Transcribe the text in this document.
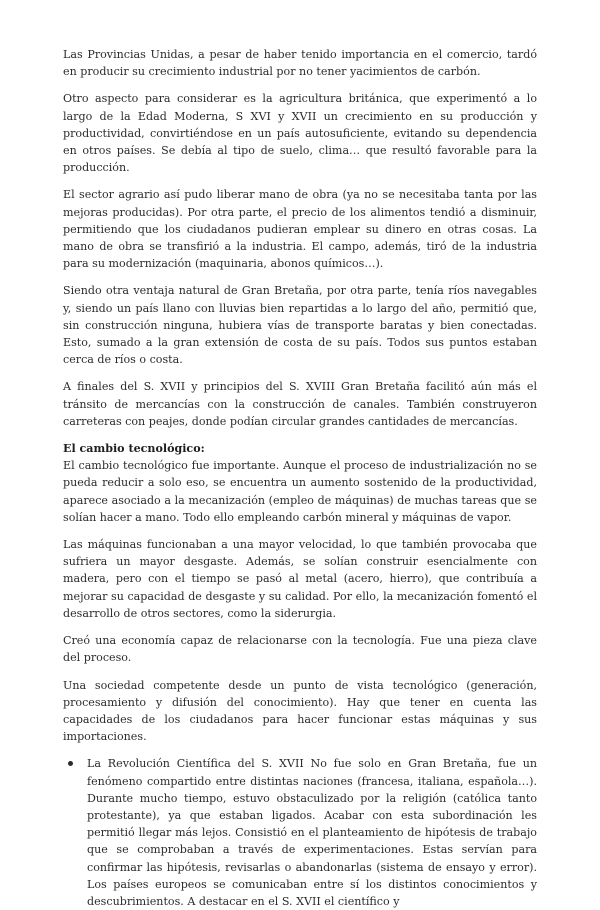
Las Provincias Unidas, a pesar de haber tenido importancia en el comercio, tardó en producir su crecimiento industrial por no tener yacimientos de carbón.

Otro aspecto para considerar es la agricultura británica, que experimentó a lo largo de la Edad Moderna, S XVI y XVII un crecimiento en su producción y productividad, convirtiéndose en un país autosuficiente, evitando su dependencia en otros países. Se debía al tipo de suelo, clima… que resultó favorable para la producción.

El sector agrario así pudo liberar mano de obra (ya no se necesitaba tanta por las mejoras producidas). Por otra parte, el precio de los alimentos tendió a disminuir, permitiendo que los ciudadanos pudieran emplear su dinero en otras cosas. La mano de obra se transfirió a la industria. El campo, además, tiró de la industria para su modernización (maquinaria, abonos químicos…).

Siendo otra ventaja natural de Gran Bretaña, por otra parte, tenía ríos navegables y, siendo un país llano con lluvias bien repartidas a lo largo del año, permitió que, sin construcción ninguna, hubiera vías de transporte baratas y bien conectadas. Esto, sumado a la gran extensión de costa de su país. Todos sus puntos estaban cerca de ríos o costa.

A finales del S. XVII y principios del S. XVIII Gran Bretaña facilitó aún más el tránsito de mercancías con la construcción de canales. También construyeron carreteras con peajes, donde podían circular grandes cantidades de mercancías.

El cambio tecnológico:

El cambio tecnológico fue importante. Aunque el proceso de industrialización no se pueda reducir a solo eso, se encuentra un aumento sostenido de la productividad, aparece asociado a la mecanización (empleo de máquinas) de muchas tareas que se solían hacer a mano. Todo ello empleando carbón mineral y máquinas de vapor.

Las máquinas funcionaban a una mayor velocidad, lo que también provocaba que sufriera un mayor desgaste. Además, se solían construir esencialmente con madera, pero con el tiempo se pasó al metal (acero, hierro), que contribuía a mejorar su capacidad de desgaste y su calidad. Por ello, la mecanización fomentó el desarrollo de otros sectores, como la siderurgia.

Creó una economía capaz de relacionarse con la tecnología. Fue una pieza clave del proceso.

Una sociedad competente desde un punto de vista tecnológico (generación, procesamiento y difusión del conocimiento). Hay que tener en cuenta las capacidades de los ciudadanos para hacer funcionar estas máquinas y sus importaciones.

La Revolución Científica del S. XVII No fue solo en Gran Bretaña, fue un fenómeno compartido entre distintas naciones (francesa, italiana, española…). Durante mucho tiempo, estuvo obstaculizado por la religión (católica tanto protestante), ya que estaban ligados. Acabar con esta subordinación les permitió llegar más lejos. Consistió en el planteamiento de hipótesis de trabajo que se comprobaban a través de experimentaciones. Estas servían para confirmar las hipótesis, revisarlas o abandonarlas (sistema de ensayo y error). Los países europeos se comunicaban entre sí los distintos conocimientos y descubrimientos. A destacar en el S. XVII el científico y
